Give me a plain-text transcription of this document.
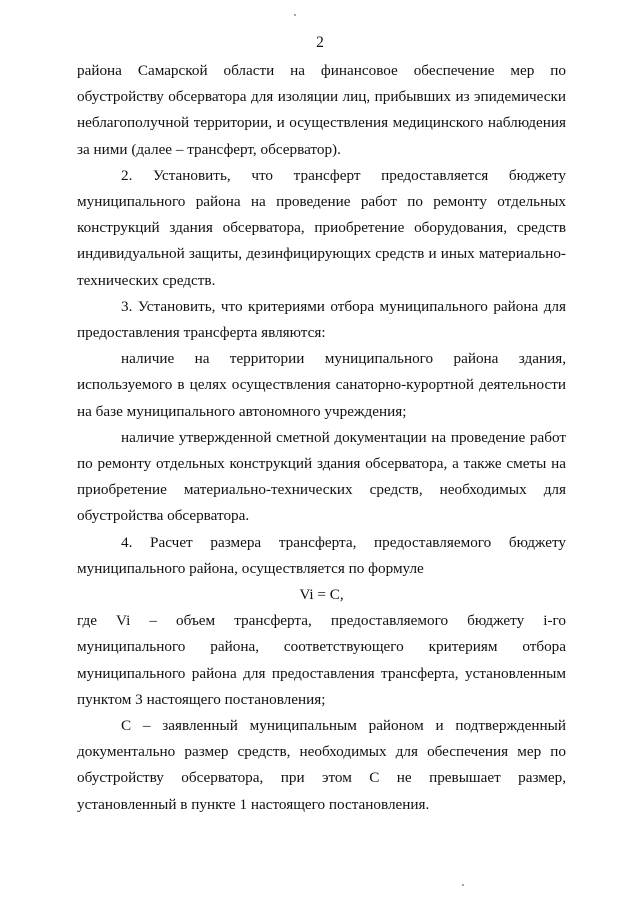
2

района Самарской области на финансовое обеспечение мер по обустройству обсерватора для изоляции лиц, прибывших из эпидемически неблагополучной территории, и осуществления медицинского наблюдения за ними (далее – трансферт, обсерватор).

2. Установить, что трансферт предоставляется бюджету муниципального района на проведение работ по ремонту отдельных конструкций здания обсерватора, приобретение оборудования, средств индивидуальной защиты, дезинфицирующих средств и иных материально-технических средств.

3. Установить, что критериями отбора муниципального района для предоставления трансферта являются:

наличие на территории муниципального района здания, используемого в целях осуществления санаторно-курортной деятельности на базе муниципального автономного учреждения;

наличие утвержденной сметной документации на проведение работ по ремонту отдельных конструкций здания обсерватора, а также сметы на приобретение материально-технических средств, необходимых для обустройства обсерватора.

4. Расчет размера трансферта, предоставляемого бюджету муниципального района, осуществляется по формуле

Vi = C,

где Vi – объем трансферта, предоставляемого бюджету i-го муниципального района, соответствующего критериям отбора муниципального района для предоставления трансферта, установленным пунктом 3 настоящего постановления;

C – заявленный муниципальным районом и подтвержденный документально размер средств, необходимых для обеспечения мер по обустройству обсерватора, при этом C не превышает размер, установленный в пункте 1 настоящего постановления.
